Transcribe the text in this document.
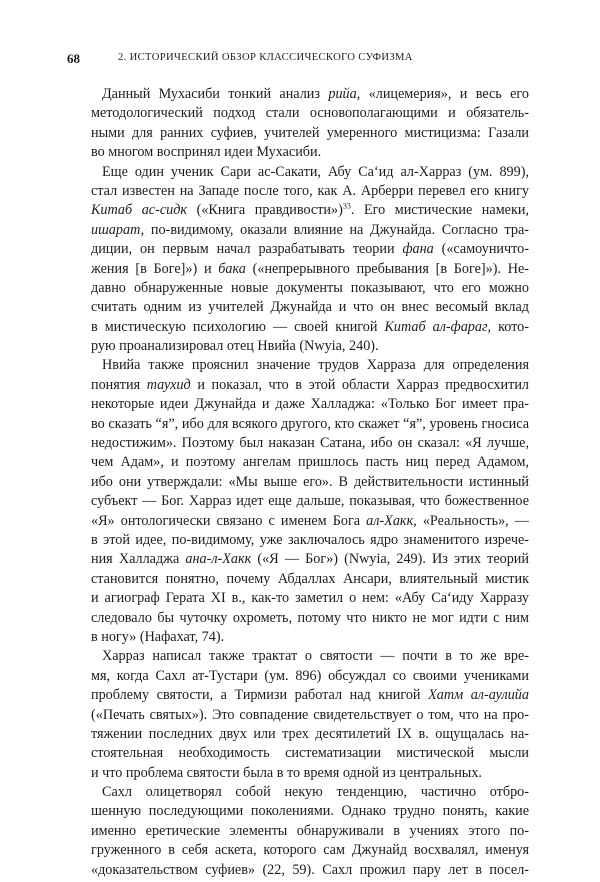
68	2. ИСТОРИЧЕСКИЙ ОБЗОР КЛАССИЧЕСКОГО СУФИЗМА
Данный Мухасиби тонкий анализ рийа, «лицемерия», и весь его
методологический подход стали основополагающими и обязатель-
ными для ранних суфиев, учителей умеренного мистицизма: Газали
во многом воспринял идеи Мухасиби.
Еще один ученик Сари ас-Сакати, Абу Са‘ид ал-Харраз (ум. 899),
стал известен на Западе после того, как А. Арберри перевел его книгу
Китаб ас-сидк («Книга правдивости»)$^{33}$. Его мистические намеки,
ишарат, по-видимому, оказали влияние на Джунайда. Согласно тра-
диции, он первым начал разрабатывать теории фана («самоуничто-
жения [в Боге]») и бака («непрерывного пребывания [в Боге]»). Не-
давно обнаруженные новые документы показывают, что его можно
считать одним из учителей Джунайда и что он внес весомый вклад
в мистическую психологию — своей книгой Китаб ал-фараг, кото-
рую проанализировал отец Нвийа (Nwyia, 240).
Нвийа также прояснил значение трудов Харраза для определения
понятия таухид и показал, что в этой области Харраз предвосхитил
некоторые идеи Джунайда и даже Халладжа: «Только Бог имеет пра-
во сказать “я”, ибо для всякого другого, кто скажет “я”, уровень гносиса
недостижим». Поэтому был наказан Сатана, ибо он сказал: «Я лучше,
чем Адам», и поэтому ангелам пришлось пасть ниц перед Адамом,
ибо они утверждали: «Мы выше его». В действительности истинный
субъект — Бог. Харраз идет еще дальше, показывая, что божественное
«Я» онтологически связано с именем Бога ал-Хакк, «Реальность», —
в этой идее, по-видимому, уже заключалось ядро знаменитого изрече-
ния Халладжа ана-л-Хакк («Я — Бог») (Nwyia, 249). Из этих теорий
становится понятно, почему Абдаллах Ансари, влиятельный мистик
и агиограф Герата XI в., как-то заметил о нем: «Абу Са‘иду Харразу
следовало бы чуточку охрометь, потому что никто не мог идти с ним
в ногу» (Нафахат, 74).
Харраз написал также трактат о святости — почти в то же вре-
мя, когда Сахл ат-Тустари (ум. 896) обсуждал со своими учениками
проблему святости, а Тирмизи работал над книгой Хатм ал-аулийа
(«Печать святых»). Это совпадение свидетельствует о том, что на про-
тяжении последних двух или трех десятилетий IX в. ощущалась на-
стоятельная необходимость систематизации мистической мысли
и что проблема святости была в то время одной из центральных.
Сахл олицетворял собой некую тенденцию, частично отбро-
шенную последующими поколениями. Однако трудно понять, какие
именно еретические элементы обнаруживали в учениях этого по-
груженного в себя аскета, которого сам Джунайд восхвалял, именуя
«доказательством суфиев» (22, 59). Сахл прожил пару лет в посел-
